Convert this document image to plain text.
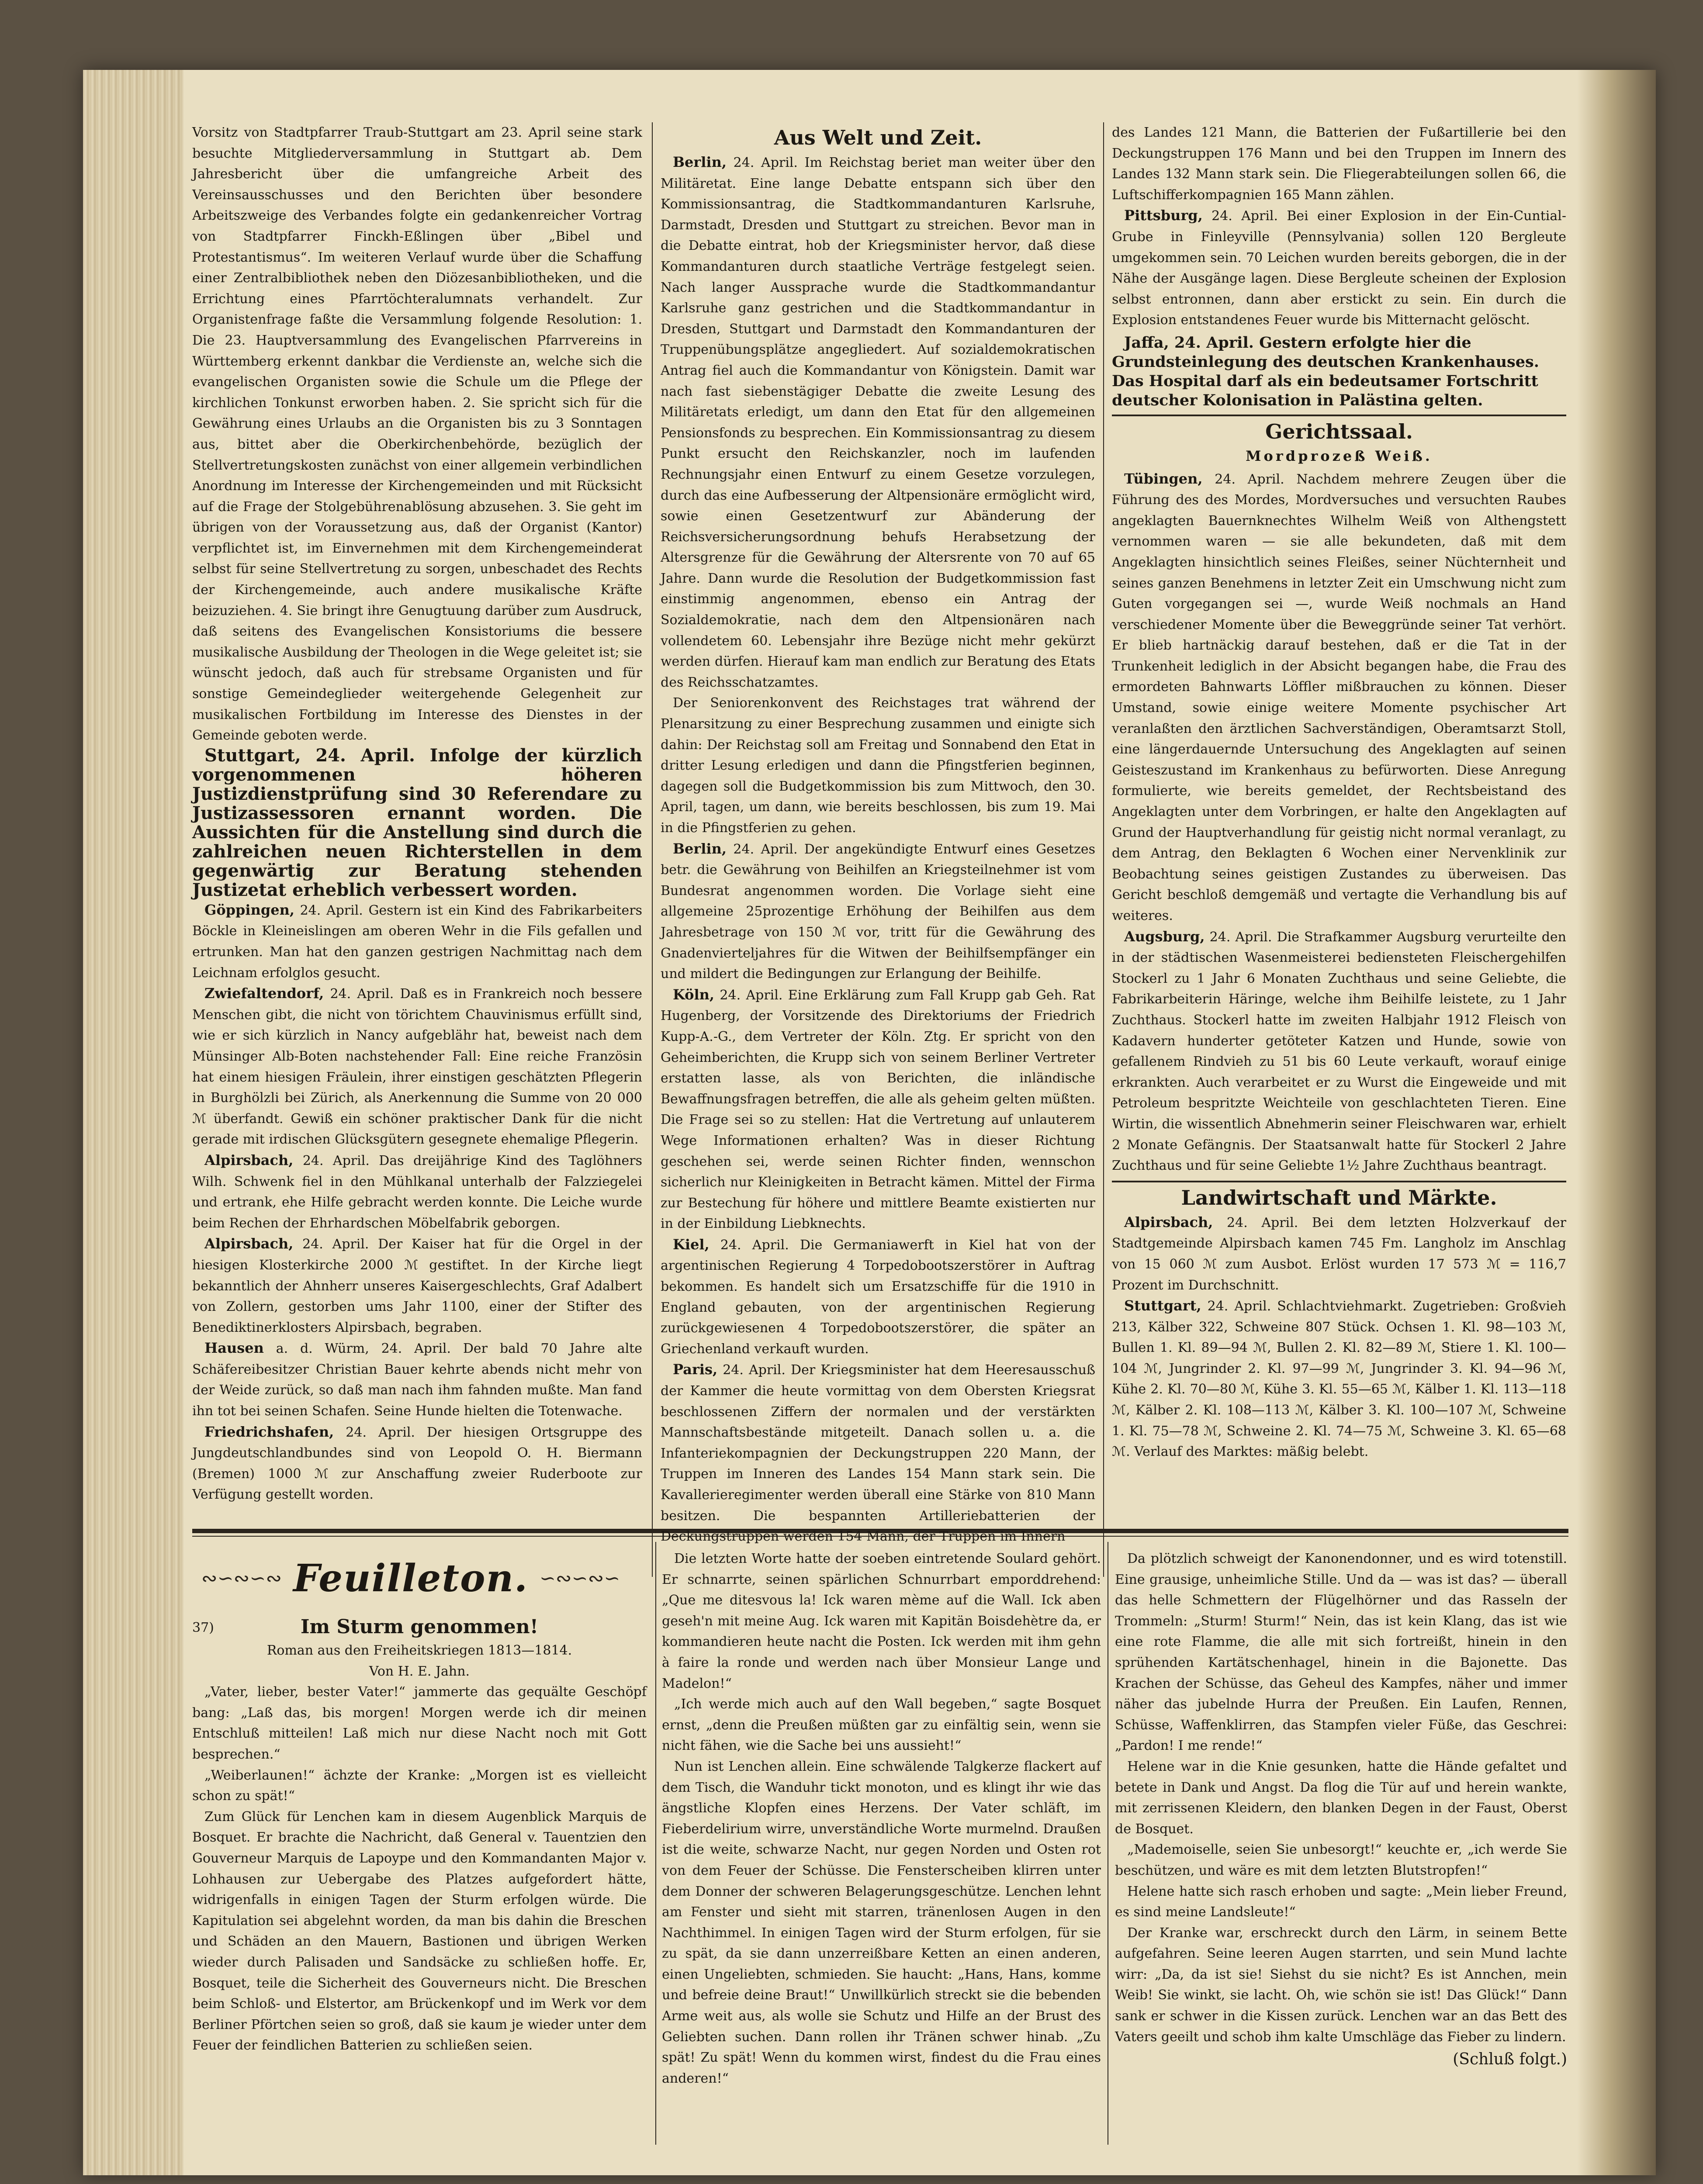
Vorsitz von Stadtpfarrer Traub-Stuttgart am 23. April seine stark besuchte Mitgliederversammlung in Stuttgart ab. Dem Jahresbericht über die umfangreiche Arbeit des Vereinsausschusses und den Berichten über besondere Arbeitszweige des Verbandes folgte ein gedankenreicher Vortrag von Stadtpfarrer Finckh-Eßlingen über „Bibel und Protestantismus“. Im weiteren Verlauf wurde über die Schaffung einer Zentralbibliothek neben den Diözesanbibliotheken, und die Errichtung eines Pfarrtöchteralumnats verhandelt. Zur Organistenfrage faßte die Versammlung folgende Resolution: 1. Die 23. Hauptversammlung des Evangelischen Pfarrvereins in Württemberg erkennt dankbar die Verdienste an, welche sich die evangelischen Organisten sowie die Schule um die Pflege der kirchlichen Tonkunst erworben haben. 2. Sie spricht sich für die Gewährung eines Urlaubs an die Organisten bis zu 3 Sonntagen aus, bittet aber die Oberkirchenbehörde, bezüglich der Stellvertretungskosten zunächst von einer allgemein verbindlichen Anordnung im Interesse der Kirchengemeinden und mit Rücksicht auf die Frage der Stolgebührenablösung abzusehen. 3. Sie geht im übrigen von der Voraussetzung aus, daß der Organist (Kantor) verpflichtet ist, im Einvernehmen mit dem Kirchengemeinderat selbst für seine Stellvertretung zu sorgen, unbeschadet des Rechts der Kirchengemeinde, auch andere musikalische Kräfte beizuziehen. 4. Sie bringt ihre Genugtuung darüber zum Ausdruck, daß seitens des Evangelischen Konsistoriums die bessere musikalische Ausbildung der Theologen in die Wege geleitet ist; sie wünscht jedoch, daß auch für strebsame Organisten und für sonstige Gemeindeglieder weitergehende Gelegenheit zur musikalischen Fortbildung im Interesse des Dienstes in der Gemeinde geboten werde.

Stuttgart, 24. April. Infolge der kürzlich vorgenommenen höheren Justizdienstprüfung sind 30 Referendare zu Justizassessoren ernannt worden. Die Aussichten für die Anstellung sind durch die zahlreichen neuen Richterstellen in dem gegenwärtig zur Beratung stehenden Justizetat erheblich verbessert worden.

Göppingen, 24. April. Gestern ist ein Kind des Fabrikarbeiters Böckle in Kleineislingen am oberen Wehr in die Fils gefallen und ertrunken. Man hat den ganzen gestrigen Nachmittag nach dem Leichnam erfolglos gesucht.

Zwiefaltendorf, 24. April. Daß es in Frankreich noch bessere Menschen gibt, die nicht von törichtem Chauvinismus erfüllt sind, wie er sich kürzlich in Nancy aufgeblähr hat, beweist nach dem Münsinger Alb-Boten nachstehender Fall: Eine reiche Französin hat einem hiesigen Fräulein, ihrer einstigen geschätzten Pflegerin in Burghölzli bei Zürich, als Anerkennung die Summe von 20 000 ℳ überfandt. Gewiß ein schöner praktischer Dank für die nicht gerade mit irdischen Glücksgütern gesegnete ehemalige Pflegerin.

Alpirsbach, 24. April. Das dreijährige Kind des Taglöhners Wilh. Schwenk fiel in den Mühlkanal unterhalb der Falzziegelei und ertrank, ehe Hilfe gebracht werden konnte. Die Leiche wurde beim Rechen der Ehrhardschen Möbelfabrik geborgen.

Alpirsbach, 24. April. Der Kaiser hat für die Orgel in der hiesigen Klosterkirche 2000 ℳ gestiftet. In der Kirche liegt bekanntlich der Ahnherr unseres Kaisergeschlechts, Graf Adalbert von Zollern, gestorben ums Jahr 1100, einer der Stifter des Benediktinerklosters Alpirsbach, begraben.

Hausen a. d. Würm, 24. April. Der bald 70 Jahre alte Schäfereibesitzer Christian Bauer kehrte abends nicht mehr von der Weide zurück, so daß man nach ihm fahnden mußte. Man fand ihn tot bei seinen Schafen. Seine Hunde hielten die Totenwache.

Friedrichshafen, 24. April. Der hiesigen Ortsgruppe des Jungdeutschlandbundes sind von Leopold O. H. Biermann (Bremen) 1000 ℳ zur Anschaffung zweier Ruderboote zur Verfügung gestellt worden.

Aus Welt und Zeit.

Berlin, 24. April. Im Reichstag beriet man weiter über den Militäretat. Eine lange Debatte entspann sich über den Kommissionsantrag, die Stadtkommandanturen Karlsruhe, Darmstadt, Dresden und Stuttgart zu streichen. Bevor man in die Debatte eintrat, hob der Kriegsminister hervor, daß diese Kommandanturen durch staatliche Verträge festgelegt seien. Nach langer Aussprache wurde die Stadtkommandantur Karlsruhe ganz gestrichen und die Stadtkommandantur in Dresden, Stuttgart und Darmstadt den Kommandanturen der Truppenübungsplätze angegliedert. Auf sozialdemokratischen Antrag fiel auch die Kommandantur von Königstein. Damit war nach fast siebenstägiger Debatte die zweite Lesung des Militäretats erledigt, um dann den Etat für den allgemeinen Pensionsfonds zu besprechen. Ein Kommissionsantrag zu diesem Punkt ersucht den Reichskanzler, noch im laufenden Rechnungsjahr einen Entwurf zu einem Gesetze vorzulegen, durch das eine Aufbesserung der Altpensionäre ermöglicht wird, sowie einen Gesetzentwurf zur Abänderung der Reichsversicherungsordnung behufs Herabsetzung der Altersgrenze für die Gewährung der Altersrente von 70 auf 65 Jahre. Dann wurde die Resolution der Budgetkommission fast einstimmig angenommen, ebenso ein Antrag der Sozialdemokratie, nach dem den Altpensionären nach vollendetem 60. Lebensjahr ihre Bezüge nicht mehr gekürzt werden dürfen. Hierauf kam man endlich zur Beratung des Etats des Reichsschatzamtes.

Der Seniorenkonvent des Reichstages trat während der Plenarsitzung zu einer Besprechung zusammen und einigte sich dahin: Der Reichstag soll am Freitag und Sonnabend den Etat in dritter Lesung erledigen und dann die Pfingstferien beginnen, dagegen soll die Budgetkommission bis zum Mittwoch, den 30. April, tagen, um dann, wie bereits beschlossen, bis zum 19. Mai in die Pfingstferien zu gehen.

Berlin, 24. April. Der angekündigte Entwurf eines Gesetzes betr. die Gewährung von Beihilfen an Kriegsteilnehmer ist vom Bundesrat angenommen worden. Die Vorlage sieht eine allgemeine 25prozentige Erhöhung der Beihilfen aus dem Jahresbetrage von 150 ℳ vor, tritt für die Gewährung des Gnadenvierteljahres für die Witwen der Beihilfsempfänger ein und mildert die Bedingungen zur Erlangung der Beihilfe.

Köln, 24. April. Eine Erklärung zum Fall Krupp gab Geh. Rat Hugenberg, der Vorsitzende des Direktoriums der Friedrich Kupp-A.-G., dem Vertreter der Köln. Ztg. Er spricht von den Geheimberichten, die Krupp sich von seinem Berliner Vertreter erstatten lasse, als von Berichten, die inländische Bewaffnungsfragen betreffen, die alle als geheim gelten müßten. Die Frage sei so zu stellen: Hat die Vertretung auf unlauterem Wege Informationen erhalten? Was in dieser Richtung geschehen sei, werde seinen Richter finden, wennschon sicherlich nur Kleinigkeiten in Betracht kämen. Mittel der Firma zur Bestechung für höhere und mittlere Beamte existierten nur in der Einbildung Liebknechts.

Kiel, 24. April. Die Germaniawerft in Kiel hat von der argentinischen Regierung 4 Torpedobootszerstörer in Auftrag bekommen. Es handelt sich um Ersatzschiffe für die 1910 in England gebauten, von der argentinischen Regierung zurückgewiesenen 4 Torpedobootszerstörer, die später an Griechenland verkauft wurden.

Paris, 24. April. Der Kriegsminister hat dem Heeresausschuß der Kammer die heute vormittag von dem Obersten Kriegsrat beschlossenen Ziffern der normalen und der verstärkten Mannschaftsbestände mitgeteilt. Danach sollen u. a. die Infanteriekompagnien der Deckungstruppen 220 Mann, der Truppen im Inneren des Landes 154 Mann stark sein. Die Kavallerieregimenter werden überall eine Stärke von 810 Mann besitzen. Die bespannten Artilleriebatterien der Deckungstruppen werden 154 Mann, der Truppen im Innern

des Landes 121 Mann, die Batterien der Fußartillerie bei den Deckungstruppen 176 Mann und bei den Truppen im Innern des Landes 132 Mann stark sein. Die Fliegerabteilungen sollen 66, die Luftschifferkompagnien 165 Mann zählen.

Pittsburg, 24. April. Bei einer Explosion in der Ein-Cuntial-Grube in Finleyville (Pennsylvania) sollen 120 Bergleute umgekommen sein. 70 Leichen wurden bereits geborgen, die in der Nähe der Ausgänge lagen. Diese Bergleute scheinen der Explosion selbst entronnen, dann aber erstickt zu sein. Ein durch die Explosion entstandenes Feuer wurde bis Mitternacht gelöscht.

Jaffa, 24. April. Gestern erfolgte hier die Grundsteinlegung des deutschen Krankenhauses. Das Hospital darf als ein bedeutsamer Fortschritt deutscher Kolonisation in Palästina gelten.

Gerichtssaal.
Mordprozeß Weiß.

Tübingen, 24. April. Nachdem mehrere Zeugen über die Führung des des Mordes, Mordversuches und versuchten Raubes angeklagten Bauernknechtes Wilhelm Weiß von Althengstett vernommen waren — sie alle bekundeten, daß mit dem Angeklagten hinsichtlich seines Fleißes, seiner Nüchternheit und seines ganzen Benehmens in letzter Zeit ein Umschwung nicht zum Guten vorgegangen sei —, wurde Weiß nochmals an Hand verschiedener Momente über die Beweggründe seiner Tat verhört. Er blieb hartnäckig darauf bestehen, daß er die Tat in der Trunkenheit lediglich in der Absicht begangen habe, die Frau des ermordeten Bahnwarts Löffler mißbrauchen zu können. Dieser Umstand, sowie einige weitere Momente psychischer Art veranlaßten den ärztlichen Sachverständigen, Oberamtsarzt Stoll, eine längerdauernde Untersuchung des Angeklagten auf seinen Geisteszustand im Krankenhaus zu befürworten. Diese Anregung formulierte, wie bereits gemeldet, der Rechtsbeistand des Angeklagten unter dem Vorbringen, er halte den Angeklagten auf Grund der Hauptverhandlung für geistig nicht normal veranlagt, zu dem Antrag, den Beklagten 6 Wochen einer Nervenklinik zur Beobachtung seines geistigen Zustandes zu überweisen. Das Gericht beschloß demgemäß und vertagte die Verhandlung bis auf weiteres.

Augsburg, 24. April. Die Strafkammer Augsburg verurteilte den in der städtischen Wasenmeisterei bediensteten Fleischergehilfen Stockerl zu 1 Jahr 6 Monaten Zuchthaus und seine Geliebte, die Fabrikarbeiterin Häringe, welche ihm Beihilfe leistete, zu 1 Jahr Zuchthaus. Stockerl hatte im zweiten Halbjahr 1912 Fleisch von Kadavern hunderter getöteter Katzen und Hunde, sowie von gefallenem Rindvieh zu 51 bis 60 Leute verkauft, worauf einige erkrankten. Auch verarbeitet er zu Wurst die Eingeweide und mit Petroleum bespritzte Weichteile von geschlachteten Tieren. Eine Wirtin, die wissentlich Abnehmerin seiner Fleischwaren war, erhielt 2 Monate Gefängnis. Der Staatsanwalt hatte für Stockerl 2 Jahre Zuchthaus und für seine Geliebte 1½ Jahre Zuchthaus beantragt.

Landwirtschaft und Märkte.

Alpirsbach, 24. April. Bei dem letzten Holzverkauf der Stadtgemeinde Alpirsbach kamen 745 Fm. Langholz im Anschlag von 15 060 ℳ zum Ausbot. Erlöst wurden 17 573 ℳ = 116,7 Prozent im Durchschnitt.

Stuttgart, 24. April. Schlachtviehmarkt. Zugetrieben: Großvieh 213, Kälber 322, Schweine 807 Stück. Ochsen 1. Kl. 98—103 ℳ, Bullen 1. Kl. 89—94 ℳ, Bullen 2. Kl. 82—89 ℳ, Stiere 1. Kl. 100—104 ℳ, Jungrinder 2. Kl. 97—99 ℳ, Jungrinder 3. Kl. 94—96 ℳ, Kühe 2. Kl. 70—80 ℳ, Kühe 3. Kl. 55—65 ℳ, Kälber 1. Kl. 113—118 ℳ, Kälber 2. Kl. 108—113 ℳ, Kälber 3. Kl. 100—107 ℳ, Schweine 1. Kl. 75—78 ℳ, Schweine 2. Kl. 74—75 ℳ, Schweine 3. Kl. 65—68 ℳ. Verlauf des Marktes: mäßig belebt.

∾∽∾∽∾ Feuilleton. ∽∾∽∾∽
37)	Im Sturm genommen!

Roman aus den Freiheitskriegen 1813—1814.

Von H. E. Jahn.

„Vater, lieber, bester Vater!“ jammerte das gequälte Geschöpf bang: „Laß das, bis morgen! Morgen werde ich dir meinen Entschluß mitteilen! Laß mich nur diese Nacht noch mit Gott besprechen.“

„Weiberlaunen!“ ächzte der Kranke: „Morgen ist es vielleicht schon zu spät!“

Zum Glück für Lenchen kam in diesem Augenblick Marquis de Bosquet. Er brachte die Nachricht, daß General v. Tauentzien den Gouverneur Marquis de Lapoype und den Kommandanten Major v. Lohhausen zur Uebergabe des Platzes aufgefordert hätte, widrigenfalls in einigen Tagen der Sturm erfolgen würde. Die Kapitulation sei abgelehnt worden, da man bis dahin die Breschen und Schäden an den Mauern, Bastionen und übrigen Werken wieder durch Palisaden und Sandsäcke zu schließen hoffe. Er, Bosquet, teile die Sicherheit des Gouverneurs nicht. Die Breschen beim Schloß- und Elstertor, am Brückenkopf und im Werk vor dem Berliner Pförtchen seien so groß, daß sie kaum je wieder unter dem Feuer der feindlichen Batterien zu schließen seien.

Die letzten Worte hatte der soeben eintretende Soulard gehört. Er schnarrte, seinen spärlichen Schnurrbart emporddrehend: „Que me ditesvous la! Ick waren mème auf die Wall. Ick aben geseh'n mit meine Aug. Ick waren mit Kapitän Boisdehètre da, er kommandieren heute nacht die Posten. Ick werden mit ihm gehn à faire la ronde und werden nach über Monsieur Lange und Madelon!“

„Ich werde mich auch auf den Wall begeben,“ sagte Bosquet ernst, „denn die Preußen müßten gar zu einfältig sein, wenn sie nicht fähen, wie die Sache bei uns aussieht!“

Nun ist Lenchen allein. Eine schwälende Talgkerze flackert auf dem Tisch, die Wanduhr tickt monoton, und es klingt ihr wie das ängstliche Klopfen eines Herzens. Der Vater schläft, im Fieberdelirium wirre, unverständliche Worte murmelnd. Draußen ist die weite, schwarze Nacht, nur gegen Norden und Osten rot von dem Feuer der Schüsse. Die Fensterscheiben klirren unter dem Donner der schweren Belagerungsgeschütze. Lenchen lehnt am Fenster und sieht mit starren, tränenlosen Augen in den Nachthimmel. In einigen Tagen wird der Sturm erfolgen, für sie zu spät, da sie dann unzerreißbare Ketten an einen anderen, einen Ungeliebten, schmieden. Sie haucht: „Hans, Hans, komme und befreie deine Braut!“ Unwillkürlich streckt sie die bebenden Arme weit aus, als wolle sie Schutz und Hilfe an der Brust des Geliebten suchen. Dann rollen ihr Tränen schwer hinab. „Zu spät! Zu spät! Wenn du kommen wirst, findest du die Frau eines anderen!“

Da plötzlich schweigt der Kanonendonner, und es wird totenstill. Eine grausige, unheimliche Stille. Und da — was ist das? — überall das helle Schmettern der Flügelhörner und das Rasseln der Trommeln: „Sturm! Sturm!“ Nein, das ist kein Klang, das ist wie eine rote Flamme, die alle mit sich fortreißt, hinein in den sprühenden Kartätschenhagel, hinein in die Bajonette. Das Krachen der Schüsse, das Geheul des Kampfes, näher und immer näher das jubelnde Hurra der Preußen. Ein Laufen, Rennen, Schüsse, Waffenklirren, das Stampfen vieler Füße, das Geschrei: „Pardon! I me rende!“

Helene war in die Knie gesunken, hatte die Hände gefaltet und betete in Dank und Angst. Da flog die Tür auf und herein wankte, mit zerrissenen Kleidern, den blanken Degen in der Faust, Oberst de Bosquet.

„Mademoiselle, seien Sie unbesorgt!“ keuchte er, „ich werde Sie beschützen, und wäre es mit dem letzten Blutstropfen!“

Helene hatte sich rasch erhoben und sagte: „Mein lieber Freund, es sind meine Landsleute!“

Der Kranke war, erschreckt durch den Lärm, in seinem Bette aufgefahren. Seine leeren Augen starrten, und sein Mund lachte wirr: „Da, da ist sie! Siehst du sie nicht? Es ist Annchen, mein Weib! Sie winkt, sie lacht. Oh, wie schön sie ist! Das Glück!“ Dann sank er schwer in die Kissen zurück. Lenchen war an das Bett des Vaters geeilt und schob ihm kalte Umschläge das Fieber zu lindern.

(Schluß folgt.)
